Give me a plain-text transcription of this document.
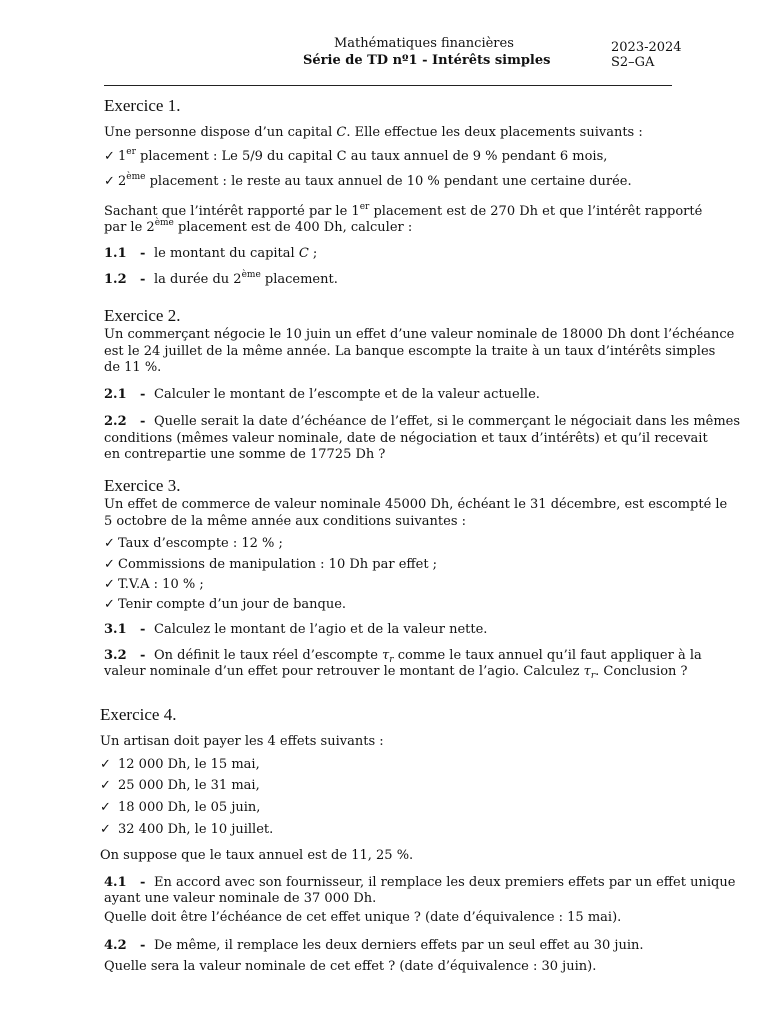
Mathématiques financières
Série de TD nº1 - Intérêts simples
2023-2024
S2–GA
Exercice 1.
Une personne dispose d’un capital C. Elle effectue les deux placements suivants :
✓ 1er placement : Le 5/9 du capital C au taux annuel de 9 % pendant 6 mois,
✓ 2ème placement : le reste au taux annuel de 10 % pendant une certaine durée.
Sachant que l’intérêt rapporté par le 1er placement est de 270 Dh et que l’intérêt rapporté
par le 2ème placement est de 400 Dh, calculer :
1.1 - le montant du capital C ;
1.2 - la durée du 2ème placement.
Exercice 2.
Un commerçant négocie le 10 juin un effet d’une valeur nominale de 18000 Dh dont l’échéance
est le 24 juillet de la même année. La banque escompte la traite à un taux d’intérêts simples
de 11 %.
2.1 - Calculer le montant de l’escompte et de la valeur actuelle.
2.2 - Quelle serait la date d’échéance de l’effet, si le commerçant le négociait dans les mêmes
conditions (mêmes valeur nominale, date de négociation et taux d’intérêts) et qu’il recevait
en contrepartie une somme de 17725 Dh ?
Exercice 3.
Un effet de commerce de valeur nominale 45000 Dh, échéant le 31 décembre, est escompté le
5 octobre de la même année aux conditions suivantes :
✓ Taux d’escompte : 12 % ;
✓ Commissions de manipulation : 10 Dh par effet ;
✓ T.V.A : 10 % ;
✓ Tenir compte d’un jour de banque.
3.1 - Calculez le montant de l’agio et de la valeur nette.
3.2 - On définit le taux réel d’escompte $\tau_r$ comme le taux annuel qu’il faut appliquer à la
valeur nominale d’un effet pour retrouver le montant de l’agio. Calculez $\tau_r$. Conclusion ?
Exercice 4.
Un artisan doit payer les 4 effets suivants :
✓ 12 000 Dh, le 15 mai,
✓ 25 000 Dh, le 31 mai,
✓ 18 000 Dh, le 05 juin,
✓ 32 400 Dh, le 10 juillet.
On suppose que le taux annuel est de 11, 25 %.
4.1 - En accord avec son fournisseur, il remplace les deux premiers effets par un effet unique
ayant une valeur nominale de 37 000 Dh.
Quelle doit être l’échéance de cet effet unique ? (date d’équivalence : 15 mai).
4.2 - De même, il remplace les deux derniers effets par un seul effet au 30 juin.
Quelle sera la valeur nominale de cet effet ? (date d’équivalence : 30 juin).
